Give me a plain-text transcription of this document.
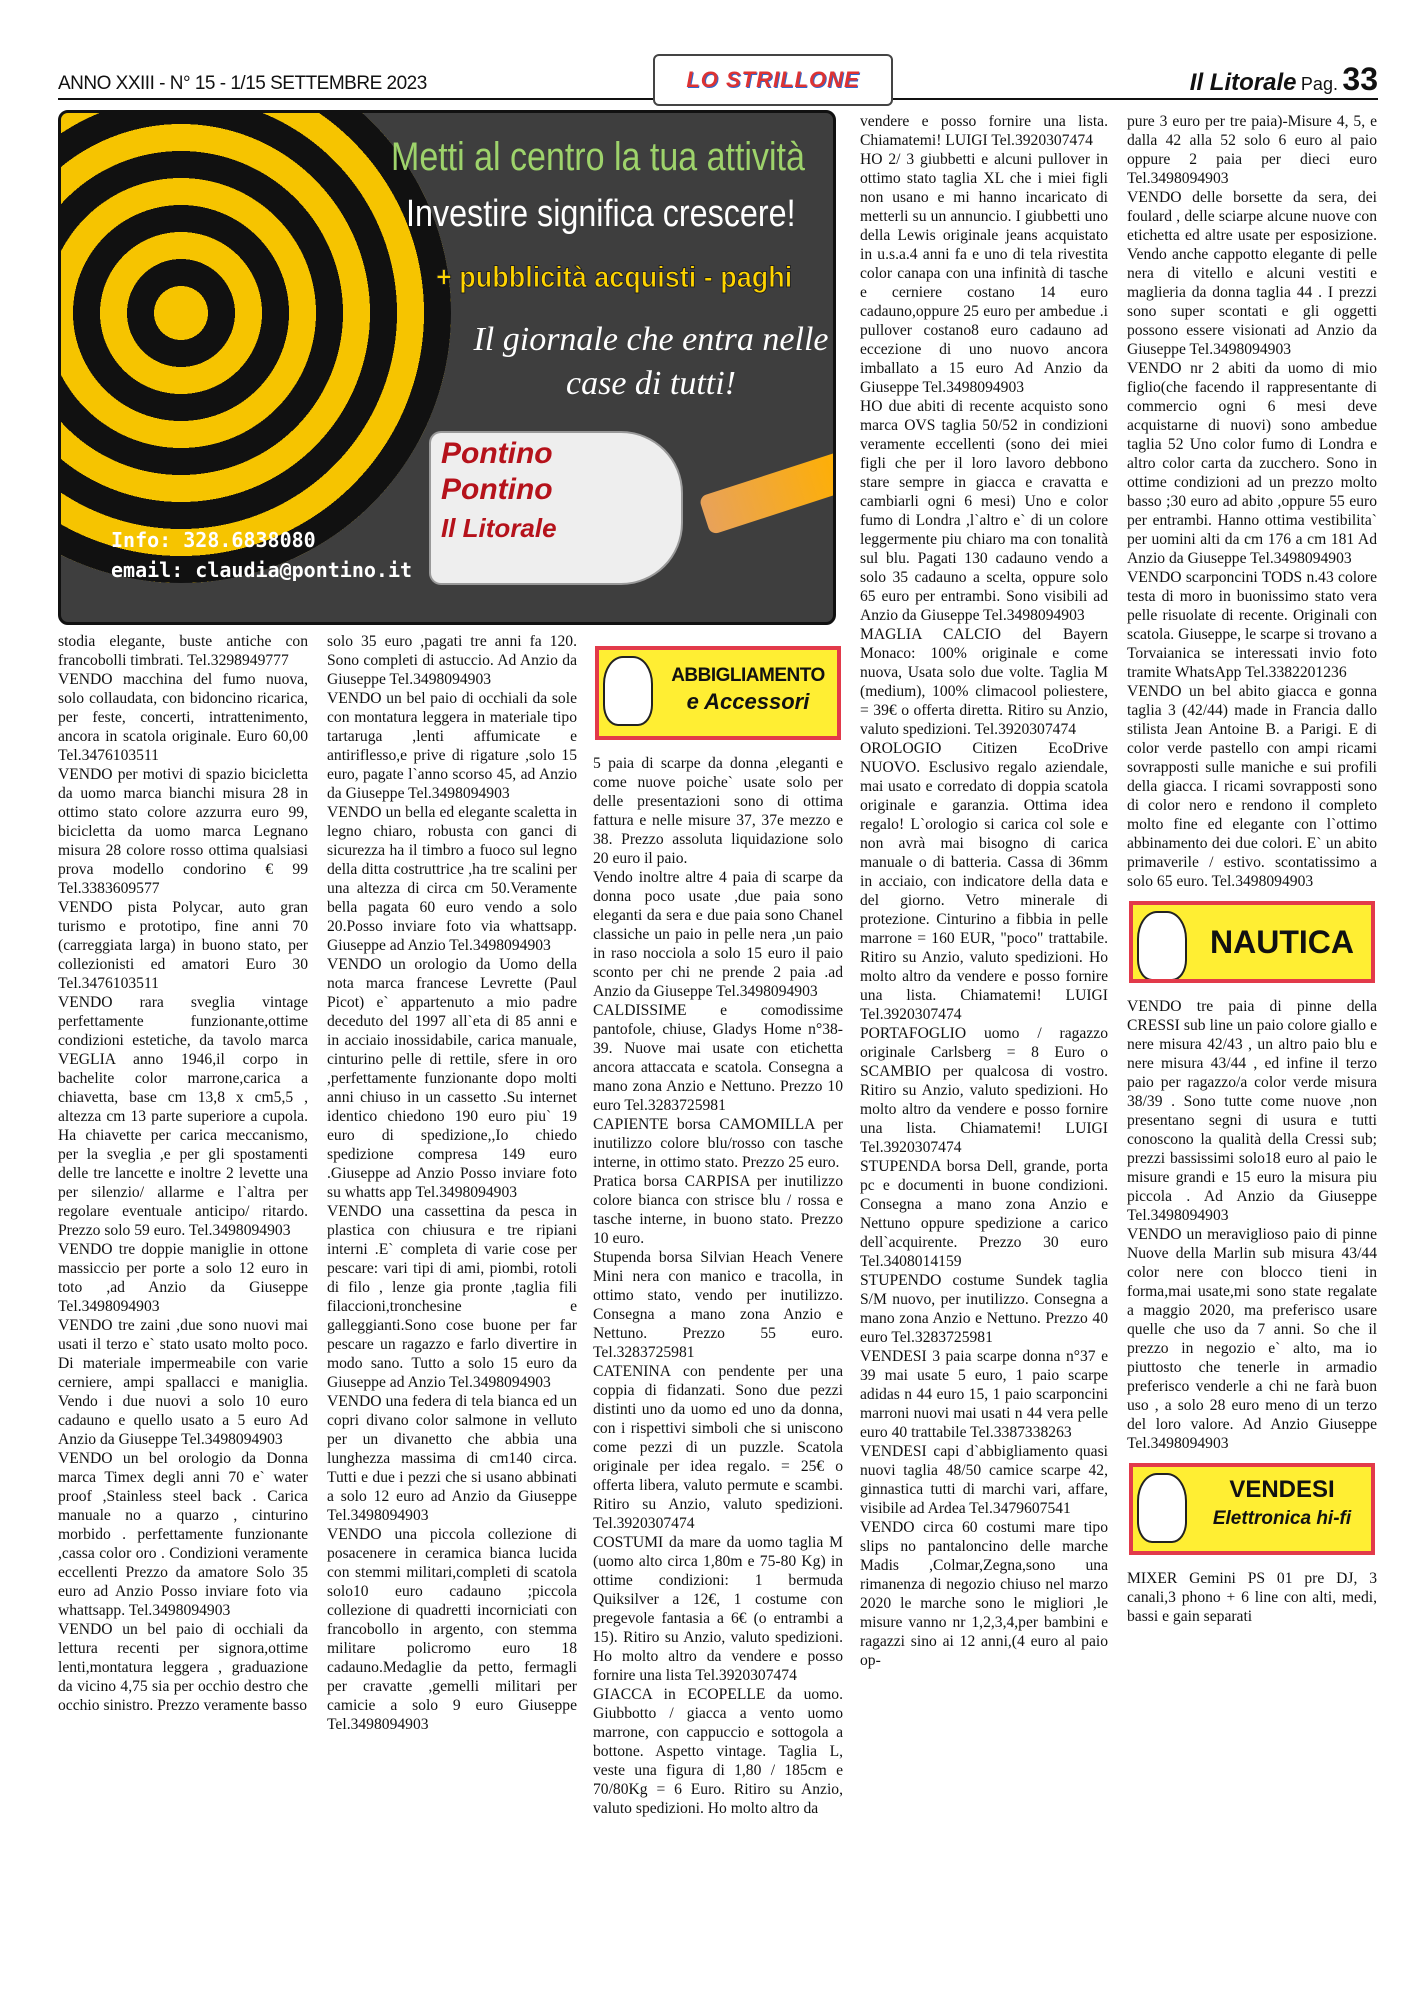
ANNO XXIII - N° 15 - 1/15 SETTEMBRE 2023	LO STRILLONE	Il Litorale Pag. 33
Metti al centro la tua attività
Investire significa crescere!
+ pubblicità acquisti - paghi
Il giornale che entra nelle case di tutti!
Pontino
Pontino
Il Litorale
Info: 328.6838080
email: claudia@pontino.it

stodia elegante, buste antiche con francobolli timbrati. Tel.3298949777

VENDO macchina del fumo nuova, solo collaudata, con bidoncino ricarica, per feste, concerti, intrattenimento, ancora in scatola originale. Euro 60,00 Tel.3476103511

VENDO per motivi di spazio bicicletta da uomo marca bianchi misura 28 in ottimo stato colore azzurra euro 99, bicicletta da uomo marca Legnano misura 28 colore rosso ottima qualsiasi prova modello condorino € 99 Tel.3383609577

VENDO pista Polycar, auto gran turismo e prototipo, fine anni 70 (carreggiata larga) in buono stato, per collezionisti ed amatori Euro 30 Tel.3476103511

VENDO rara sveglia vintage perfettamente funzionante,ottime condizioni estetiche, da tavolo marca VEGLIA anno 1946,il corpo in bachelite color marrone,carica a chiavetta, base cm 13,8 x cm5,5 , altezza cm 13 parte superiore a cupola. Ha chiavette per carica meccanismo, per la sveglia ,e per gli spostamenti delle tre lancette e inoltre 2 levette una per silenzio/ allarme e l`altra per regolare eventuale anticipo/ ritardo. Prezzo solo 59 euro. Tel.3498094903

VENDO tre doppie maniglie in ottone massiccio per porte a solo 12 euro in toto ,ad Anzio da Giuseppe Tel.3498094903

VENDO tre zaini ,due sono nuovi mai usati il terzo e` stato usato molto poco. Di materiale impermeabile con varie cerniere, ampi spallacci e maniglia. Vendo i due nuovi a solo 10 euro cadauno e quello usato a 5 euro Ad Anzio da Giuseppe Tel.3498094903

VENDO un bel orologio da Donna marca Timex degli anni 70 e` water proof ,Stainless steel back . Carica manuale no a quarzo , cinturino morbido . perfettamente funzionante ,cassa color oro . Condizioni veramente eccellenti Prezzo da amatore Solo 35 euro ad Anzio Posso inviare foto via whattsapp. Tel.3498094903

VENDO un bel paio di occhiali da lettura recenti per signora,ottime lenti,montatura leggera , graduazione da vicino 4,75 sia per occhio destro che occhio sinistro. Prezzo veramente basso

solo 35 euro ,pagati tre anni fa 120. Sono completi di astuccio. Ad Anzio da Giuseppe Tel.3498094903

VENDO un bel paio di occhiali da sole con montatura leggera in materiale tipo tartaruga ,lenti affumicate e antiriflesso,e prive di rigature ,solo 15 euro, pagate l`anno scorso 45, ad Anzio da Giuseppe Tel.3498094903

VENDO un bella ed elegante scaletta in legno chiaro, robusta con ganci di sicurezza ha il timbro a fuoco sul legno della ditta costruttrice ,ha tre scalini per una altezza di circa cm 50.Veramente bella pagata 60 euro vendo a solo 20.Posso inviare foto via whattsapp. Giuseppe ad Anzio Tel.3498094903

VENDO un orologio da Uomo della nota marca francese Levrette (Paul Picot) e` appartenuto a mio padre deceduto del 1997 all`eta di 85 anni e in acciaio inossidabile, carica manuale, cinturino pelle di rettile, sfere in oro ,perfettamente funzionante dopo molti anni chiuso in un cassetto .Su internet identico chiedono 190 euro piu` 19 euro di spedizione,,Io chiedo spedizione compresa 149 euro .Giuseppe ad Anzio Posso inviare foto su whatts app Tel.3498094903

VENDO una cassettina da pesca in plastica con chiusura e tre ripiani interni .E` completa di varie cose per pescare: vari tipi di ami, piombi, rotoli di filo , lenze gia pronte ,taglia fili filaccioni,tronchesine e galleggianti.Sono cose buone per far pescare un ragazzo e farlo divertire in modo sano. Tutto a solo 15 euro da Giuseppe ad Anzio Tel.3498094903

VENDO una federa di tela bianca ed un copri divano color salmone in velluto per un divanetto che abbia una lunghezza massima di cm140 circa. Tutti e due i pezzi che si usano abbinati a solo 12 euro ad Anzio da Giuseppe Tel.3498094903

VENDO una piccola collezione di posacenere in ceramica bianca lucida con stemmi militari,completi di scatola solo10 euro cadauno ;piccola collezione di quadretti incorniciati con francobollo in argento, con stemma militare policromo euro 18 cadauno.Medaglie da petto, fermagli per cravatte ,gemelli militari per camicie a solo 9 euro Giuseppe Tel.3498094903

ABBIGLIAMENTO
e Accessori

5 paia di scarpe da donna ,eleganti e come nuove poiche` usate solo per delle presentazioni sono di ottima fattura e nelle misure 37, 37e mezzo e 38. Prezzo assoluta liquidazione solo 20 euro il paio.

Vendo inoltre altre 4 paia di scarpe da donna poco usate ,due paia sono eleganti da sera e due paia sono Chanel classiche un paio in pelle nera ,un paio in raso nocciola a solo 15 euro il paio sconto per chi ne prende 2 paia .ad Anzio da Giuseppe Tel.3498094903

CALDISSIME e comodissime pantofole, chiuse, Gladys Home n°38-39. Nuove mai usate con etichetta ancora attaccata e scatola. Consegna a mano zona Anzio e Nettuno. Prezzo 10 euro Tel.3283725981

CAPIENTE borsa CAMOMILLA per inutilizzo colore blu/rosso con tasche interne, in ottimo stato. Prezzo 25 euro.

Pratica borsa CARPISA per inutilizzo colore bianca con strisce blu / rossa e tasche interne, in buono stato. Prezzo 10 euro.

Stupenda borsa Silvian Heach Venere Mini nera con manico e tracolla, in ottimo stato, vendo per inutilizzo. Consegna a mano zona Anzio e Nettuno. Prezzo 55 euro. Tel.3283725981

CATENINA con pendente per una coppia di fidanzati. Sono due pezzi distinti uno da uomo ed uno da donna, con i rispettivi simboli che si uniscono come pezzi di un puzzle. Scatola originale per idea regalo. = 25€ o offerta libera, valuto permute e scambi. Ritiro su Anzio, valuto spedizioni. Tel.3920307474

COSTUMI da mare da uomo taglia M (uomo alto circa 1,80m e 75-80 Kg) in ottime condizioni: 1 bermuda Quiksilver a 12€, 1 costume con pregevole fantasia a 6€ (o entrambi a 15). Ritiro su Anzio, valuto spedizioni. Ho molto altro da vendere e posso fornire una lista Tel.3920307474

GIACCA in ECOPELLE da uomo. Giubbotto / giacca a vento uomo marrone, con cappuccio e sottogola a bottone. Aspetto vintage. Taglia L, veste una figura di 1,80 / 185cm e 70/80Kg = 6 Euro. Ritiro su Anzio, valuto spedizioni. Ho molto altro da

vendere e posso fornire una lista. Chiamatemi! LUIGI Tel.3920307474

HO 2/ 3 giubbetti e alcuni pullover in ottimo stato taglia XL che i miei figli non usano e mi hanno incaricato di metterli su un annuncio. I giubbetti uno della Lewis originale jeans acquistato in u.s.a.4 anni fa e uno di tela rivestita color canapa con una infinità di tasche e cerniere costano 14 euro cadauno,oppure 25 euro per ambedue .i pullover costano8 euro cadauno ad eccezione di uno nuovo ancora imballato a 15 euro Ad Anzio da Giuseppe Tel.3498094903

HO due abiti di recente acquisto sono marca OVS taglia 50/52 in condizioni veramente eccellenti (sono dei miei figli che per il loro lavoro debbono stare sempre in giacca e cravatta e cambiarli ogni 6 mesi) Uno e color fumo di Londra ,l`altro e` di un colore leggermente piu chiaro ma con tonalità sul blu. Pagati 130 cadauno vendo a solo 35 cadauno a scelta, oppure solo 65 euro per entrambi. Sono visibili ad Anzio da Giuseppe Tel.3498094903

MAGLIA CALCIO del Bayern Monaco: 100% originale e come nuova, Usata solo due volte. Taglia M (medium), 100% climacool poliestere, = 39€ o offerta diretta. Ritiro su Anzio, valuto spedizioni. Tel.3920307474

OROLOGIO Citizen EcoDrive NUOVO. Esclusivo regalo aziendale, mai usato e corredato di doppia scatola originale e garanzia. Ottima idea regalo! L`orologio si carica col sole e non avrà mai bisogno di carica manuale o di batteria. Cassa di 36mm in acciaio, con indicatore della data e del giorno. Vetro minerale di protezione. Cinturino a fibbia in pelle marrone = 160 EUR, "poco" trattabile. Ritiro su Anzio, valuto spedizioni. Ho molto altro da vendere e posso fornire una lista. Chiamatemi! LUIGI Tel.3920307474

PORTAFOGLIO uomo / ragazzo originale Carlsberg = 8 Euro o SCAMBIO per qualcosa di vostro. Ritiro su Anzio, valuto spedizioni. Ho molto altro da vendere e posso fornire una lista. Chiamatemi! LUIGI Tel.3920307474

STUPENDA borsa Dell, grande, porta pc e documenti in buone condizioni. Consegna a mano zona Anzio e Nettuno oppure spedizione a carico dell`acquirente. Prezzo 30 euro Tel.3408014159

STUPENDO costume Sundek taglia S/M nuovo, per inutilizzo. Consegna a mano zona Anzio e Nettuno. Prezzo 40 euro Tel.3283725981

VENDESI 3 paia scarpe donna n°37 e 39 mai usate 5 euro, 1 paio scarpe adidas n 44 euro 15, 1 paio scarponcini marroni nuovi mai usati n 44 vera pelle euro 40 trattabile Tel.3387338263

VENDESI capi d`abbigliamento quasi nuovi taglia 48/50 camice scarpe 42, ginnastica tutti di marchi vari, affare, visibile ad Ardea Tel.3479607541

VENDO circa 60 costumi mare tipo slips no pantaloncino delle marche Madis ,Colmar,Zegna,sono una rimanenza di negozio chiuso nel marzo 2020 le marche sono le migliori ,le misure vanno nr 1,2,3,4,per bambini e ragazzi sino ai 12 anni,(4 euro al paio op-

pure 3 euro per tre paia)-Misure 4, 5, e dalla 42 alla 52 solo 6 euro al paio oppure 2 paia per dieci euro Tel.3498094903

VENDO delle borsette da sera, dei foulard , delle sciarpe alcune nuove con etichetta ed altre usate per esposizione. Vendo anche cappotto elegante di pelle nera di vitello e alcuni vestiti e maglieria da donna taglia 44 . I prezzi sono super scontati e gli oggetti possono essere visionati ad Anzio da Giuseppe Tel.3498094903

VENDO nr 2 abiti da uomo di mio figlio(che facendo il rappresentante di commercio ogni 6 mesi deve acquistarne di nuovi) sono ambedue taglia 52 Uno color fumo di Londra e altro color carta da zucchero. Sono in ottime condizioni ad un prezzo molto basso ;30 euro ad abito ,oppure 55 euro per entrambi. Hanno ottima vestibilita` per uomini alti da cm 176 a cm 181 Ad Anzio da Giuseppe Tel.3498094903

VENDO scarponcini TODS n.43 colore testa di moro in buonissimo stato vera pelle risuolate di recente. Originali con scatola. Giuseppe, le scarpe si trovano a Torvaianica se interessati invio foto tramite WhatsApp Tel.3382201236

VENDO un bel abito giacca e gonna taglia 3 (42/44) made in Francia dallo stilista Jean Antoine B. a Parigi. E di color verde pastello con ampi ricami sovrapposti sulle maniche e sui profili della giacca. I ricami sovrapposti sono di color nero e rendono il completo molto fine ed elegante con l`ottimo abbinamento dei due colori. E` un abito primaverile / estivo. scontatissimo a solo 65 euro. Tel.3498094903

NAUTICA

VENDO tre paia di pinne della CRESSI sub line un paio colore giallo e nere misura 42/43 , un altro paio blu e nere misura 43/44 , ed infine il terzo paio per ragazzo/a color verde misura 38/39 . Sono tutte come nuove ,non presentano segni di usura e tutti conoscono la qualità della Cressi sub; prezzi bassissimi solo18 euro al paio le misure grandi e 15 euro la misura piu piccola . Ad Anzio da Giuseppe Tel.3498094903

VENDO un meraviglioso paio di pinne Nuove della Marlin sub misura 43/44 color nere con blocco tieni in forma,mai usate,mi sono state regalate a maggio 2020, ma preferisco usare quelle che uso da 7 anni. So che il prezzo in negozio e` alto, ma io piuttosto che tenerle in armadio preferisco venderle a chi ne farà buon uso , a solo 28 euro meno di un terzo del loro valore. Ad Anzio Giuseppe Tel.3498094903

VENDESI
Elettronica hi-fi

MIXER Gemini PS 01 pre DJ, 3 canali,3 phono + 6 line con alti, medi, bassi e gain separati
